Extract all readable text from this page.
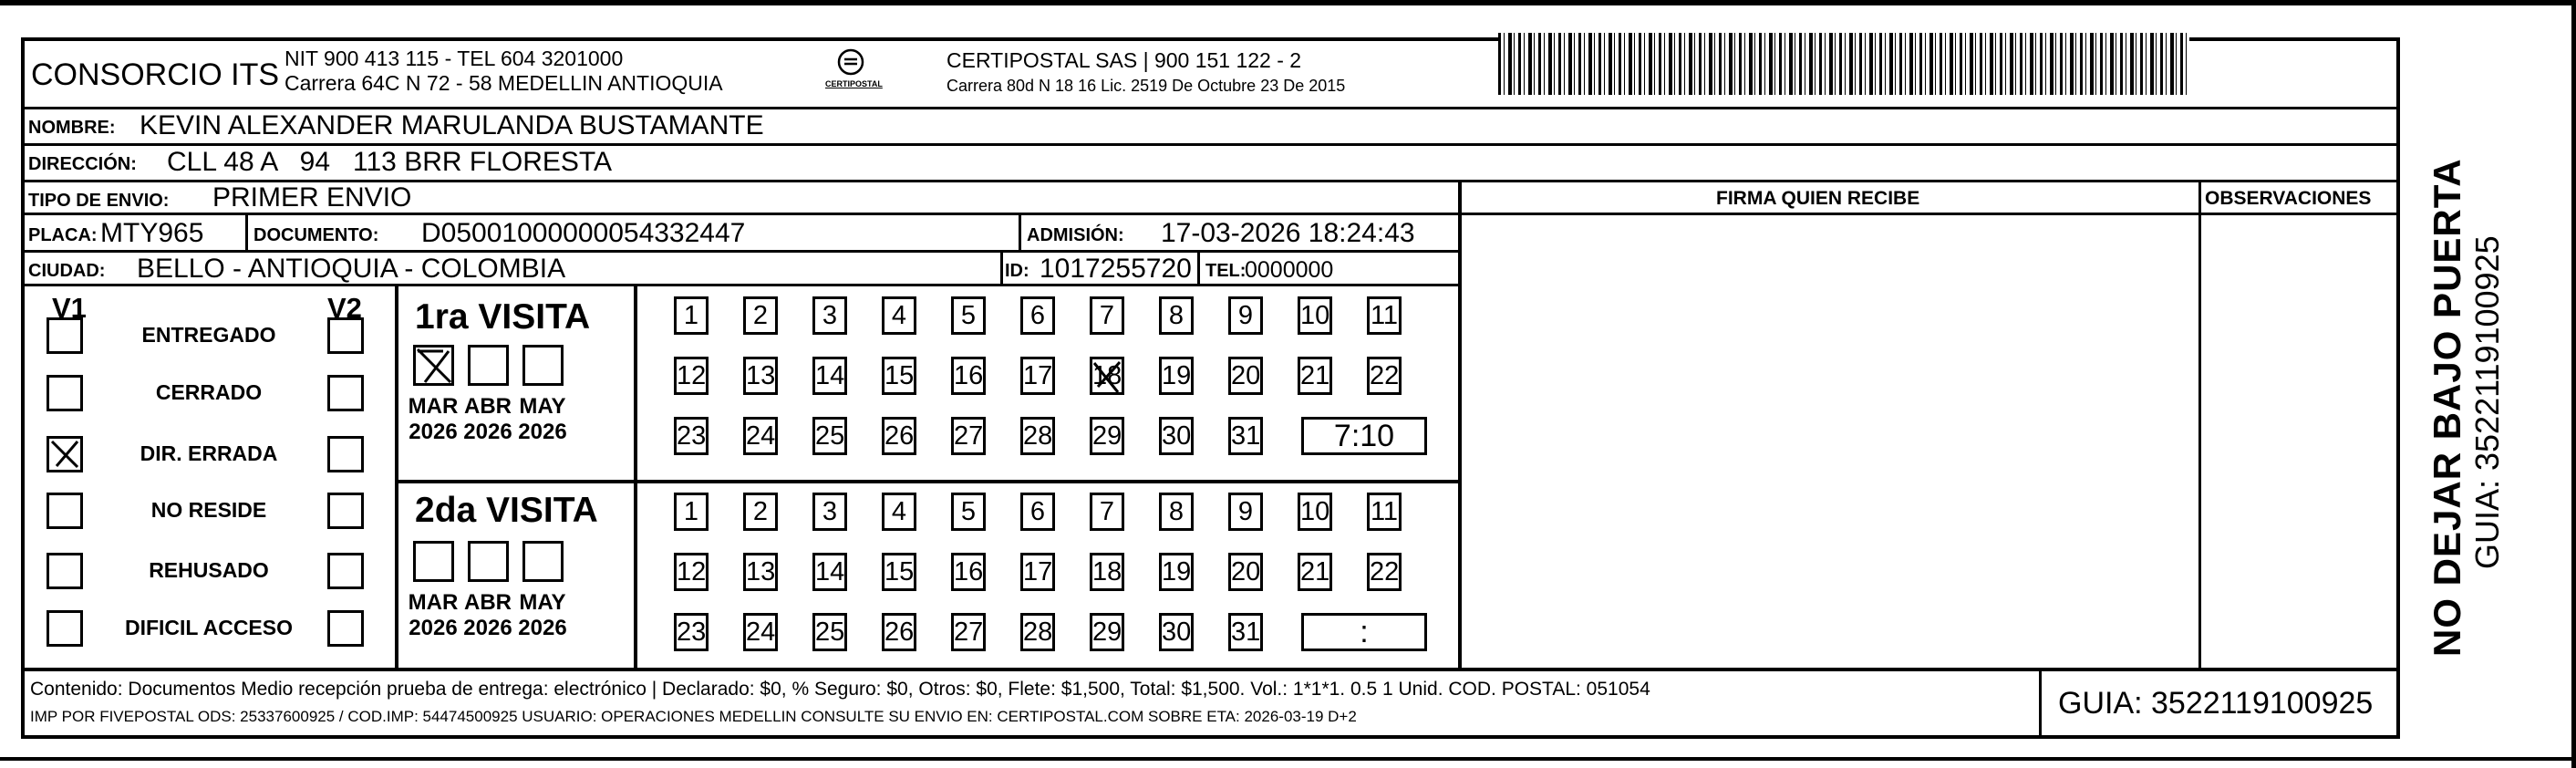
CONSORCIO ITS NIT 900 413 115 - TEL 604 3201000
Carrera 64C N 72 - 58 MEDELLIN ANTIOQUIA	CERTIPOSTAL
CERTIPOSTAL SAS | 900 151 122 - 2
Carrera 80d N 18 16 Lic. 2519 De Octubre 23 De 2015
NOMBRE: KEVIN ALEXANDER MARULANDA BUSTAMANTE
DIRECCIÓN: CLL 48 A   94   113 BRR FLORESTA
TIPO DE ENVIO: PRIMER ENVIO
PLACA: MTY965	DOCUMENTO: D05001000000054332447	ADMISIÓN: 17-03-2026 18:24:43
CIUDAD: BELLO - ANTIOQUIA - COLOMBIA	ID: 1017255720 TEL:
0000000
FIRMA QUIEN RECIBE	OBSERVACIONES
V1	V2
ENTREGADO
CERRADO
DIR. ERRADA
NO RESIDE
REHUSADO
DIFICIL ACCESO
1ra VISITA
2da VISITA
MAR
2026
ABR
2026
MAY
2026
1	2	3	4	5	6	7	8	9	10 11
12 13 14 15 16 17 18 19 20 21 22
23 24 25 26 27 28 29 30 31	7:10
MAR
2026
ABR
2026
MAY
2026
1	2	3	4	5	6	7	8	9	10 11
12 13 14 15 16 17 18 19 20 21 22
23 24 25 26 27 28 29 30 31	:
Contenido: Documentos Medio recepción prueba de entrega: electrónico | Declarado: $0, % Seguro: $0, Otros: $0, Flete: $1,500, Total: $1,500. Vol.: 1*1*1. 0.5 1 Unid. COD. POSTAL: 051054
IMP POR FIVEPOSTAL ODS: 25337600925 / COD.IMP: 54474500925 USUARIO: OPERACIONES MEDELLIN CONSULTE SU ENVIO EN: CERTIPOSTAL.COM SOBRE ETA: 2026-03-19 D+2	GUIA: 3522119100925
NO DEJAR BAJO PUERTA GUIA: 3522119100925
